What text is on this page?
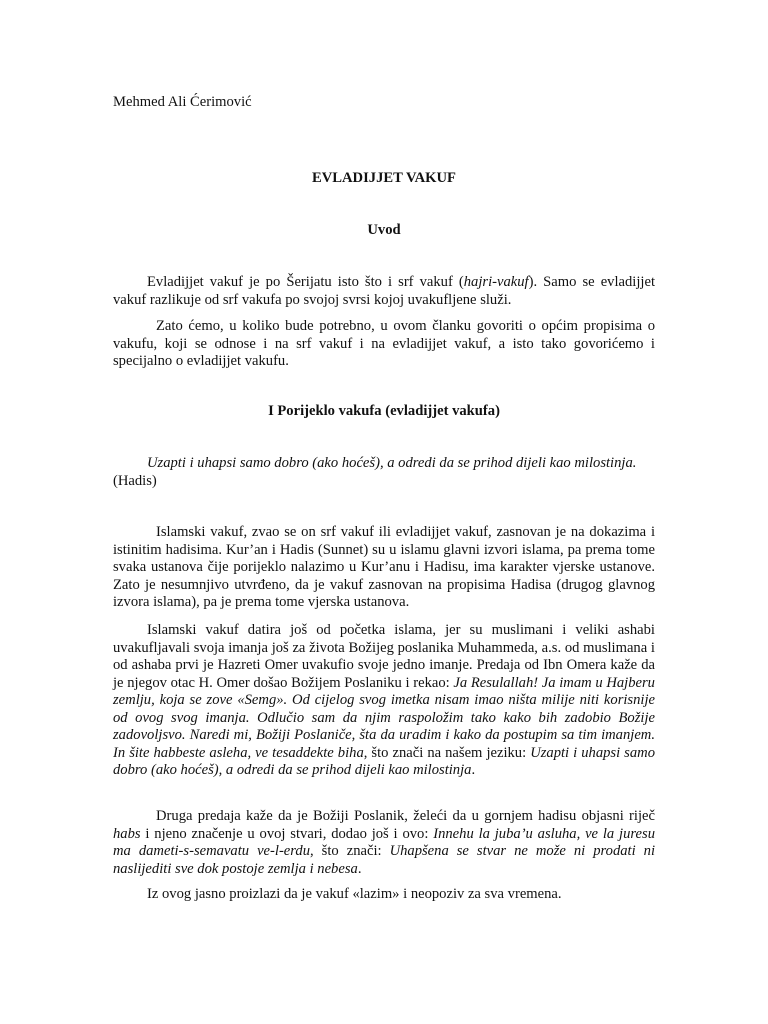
Mehmed Ali Ćerimović

EVLADIJJET VAKUF

Uvod

Evladijjet vakuf je po Šerijatu isto što i srf vakuf (hajri-vakuf). Samo se evladijjet vakuf razlikuje od srf vakufa po svojoj svrsi kojoj uvakufljene služi.

Zato ćemo, u koliko bude potrebno, u ovom članku govoriti o općim propisima o vakufu, koji se odnose i na srf vakuf i na evladijjet vakuf, a isto tako govorićemo i specijalno o evladijjet vakufu.

I Porijeklo vakufa (evladijjet vakufa)

Uzapti i uhapsi samo dobro (ako hoćeš), a odredi da se prihod dijeli kao milostinja.
(Hadis)

Islamski vakuf, zvao se on srf vakuf ili evladijjet vakuf, zasnovan je na dokazima i istinitim hadisima. Kur’an i Hadis (Sunnet) su u islamu glavni izvori islama, pa prema tome svaka ustanova čije porijeklo nalazimo u Kur’anu i Hadisu, ima karakter vjerske ustanove. Zato je nesumnjivo utvrđeno, da je vakuf zasnovan na propisima Hadisa (drugog glavnog izvora islama), pa je prema tome vjerska ustanova.

Islamski vakuf datira još od početka islama, jer su muslimani i veliki ashabi uvakufljavali svoja imanja još za života Božijeg poslanika Muhammeda, a.s. od muslimana i od ashaba prvi je Hazreti Omer uvakufio svoje jedno imanje. Predaja od Ibn Omera kaže da je njegov otac H. Omer došao Božijem Poslaniku i rekao: Ja Resulallah! Ja imam u Hajberu zemlju, koja se zove «Semg». Od cijelog svog imetka nisam imao ništa milije niti korisnije od ovog svog imanja. Odlučio sam da njim raspoložim tako kako bih zadobio Božije zadovoljsvo. Naredi mi, Božiji Poslaniče, šta da uradim i kako da postupim sa tim imanjem. In šite habbeste asleha, ve tesaddekte biha, što znači na našem jeziku: Uzapti i uhapsi samo dobro (ako hoćeš), a odredi da se prihod dijeli kao milostinja.

Druga predaja kaže da je Božiji Poslanik, želeći da u gornjem hadisu objasni riječ habs i njeno značenje u ovoj stvari, dodao još i ovo: Innehu la juba’u asluha, ve la juresu ma dameti-s-semavatu ve-l-erdu, što znači: Uhapšena se stvar ne može ni prodati ni naslijediti sve dok postoje zemlja i nebesa.

Iz ovog jasno proizlazi da je vakuf «lazim» i neopoziv za sva vremena.
